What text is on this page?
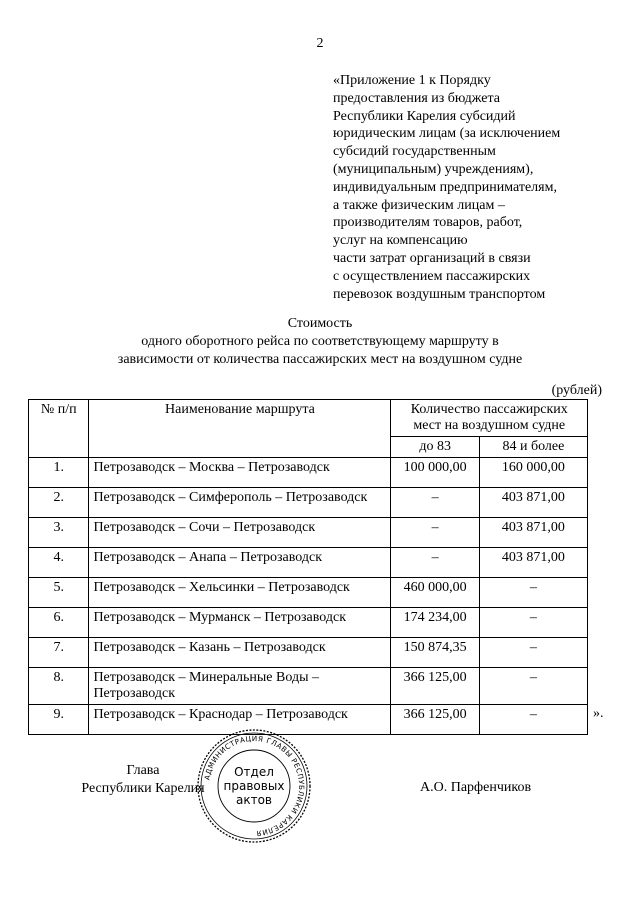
2
«Приложение 1 к Порядку
предоставления из бюджета
Республики Карелия субсидий
юридическим лицам (за исключением
субсидий государственным
(муниципальным) учреждениям),
индивидуальным предпринимателям,
а также физическим лицам –
производителям товаров, работ,
услуг на компенсацию
части затрат организаций в связи
с осуществлением пассажирских
перевозок воздушным транспортом
Стоимость
одного оборотного рейса по соответствующему маршруту в
зависимости от количества пассажирских мест на воздушном судне
(рублей)
№ п/п	Наименование маршрута	Количество пассажирских мест на воздушном судне	
		до 83	84 и более
1.	Петрозаводск – Москва – Петрозаводск	100 000,00	160 000,00
2.	Петрозаводск – Симферополь – Петрозаводск	–	403 871,00
3.	Петрозаводск – Сочи – Петрозаводск	–	403 871,00
4.	Петрозаводск – Анапа – Петрозаводск	–	403 871,00
5.	Петрозаводск – Хельсинки – Петрозаводск	460 000,00	–
6.	Петрозаводск – Мурманск – Петрозаводск	174 234,00	–
7.	Петрозаводск – Казань – Петрозаводск	150 874,35	–
8.	Петрозаводск – Минеральные Воды – Петрозаводск	366 125,00	–
9.	Петрозаводск – Краснодар – Петрозаводск	366 125,00	–	».
Глава
Республики Карелия
АДМИНИСТРАЦИЯ ГЛАВЫ РЕСПУБЛИКИ КАРЕЛИЯ
Отдел
правовых
актов
А.О. Парфенчиков
